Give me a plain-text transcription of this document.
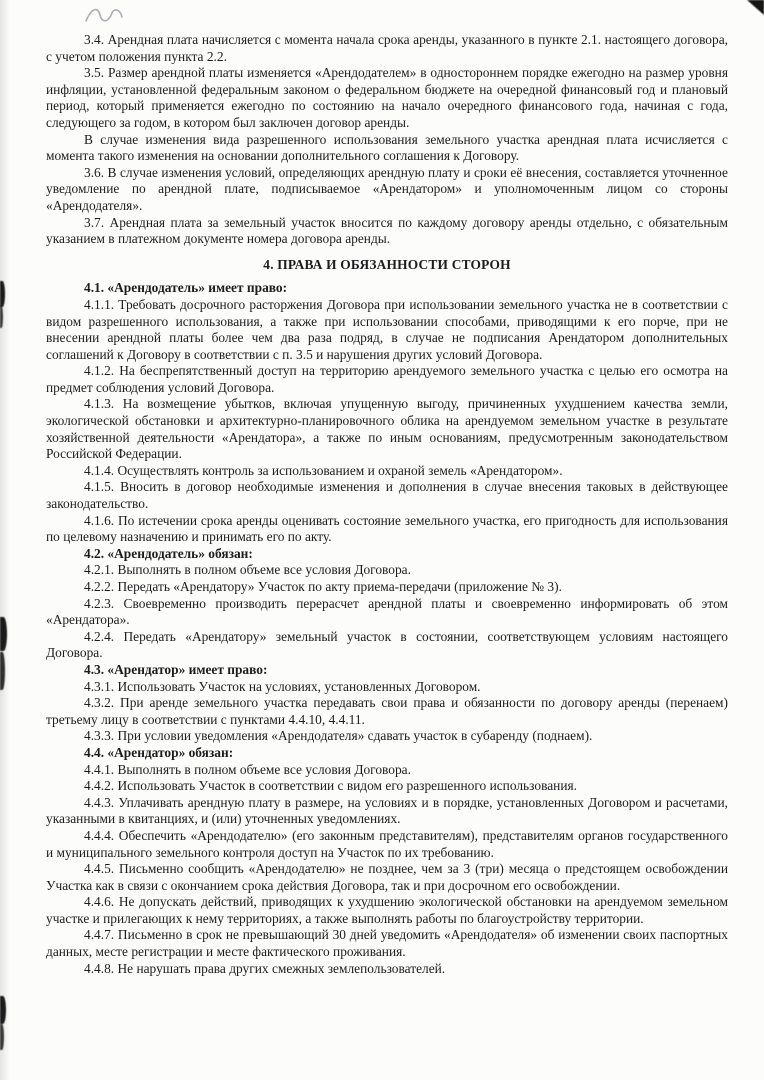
3.4. Арендная плата начисляется с момента начала срока аренды, указанного в пункте 2.1. настоящего договора, с учетом положения пункта 2.2.

3.5. Размер арендной платы изменяется «Арендодателем» в одностороннем порядке ежегодно на размер уровня инфляции, установленной федеральным законом о федеральном бюджете на очередной финансовый год и плановый период, который применяется ежегодно по состоянию на начало очередного финансового года, начиная с года, следующего за годом, в котором был заключен договор аренды.

В случае изменения вида разрешенного использования земельного участка арендная плата исчисляется с момента такого изменения на основании дополнительного соглашения к Договору.

3.6. В случае изменения условий, определяющих арендную плату и сроки её внесения, составляется уточненное уведомление по арендной плате, подписываемое «Арендатором» и уполномоченным лицом со стороны «Арендодателя».

3.7. Арендная плата за земельный участок вносится по каждому договору аренды отдельно, с обязательным указанием в платежном документе номера договора аренды.

4. ПРАВА И ОБЯЗАННОСТИ СТОРОН

4.1. «Арендодатель» имеет право:

4.1.1. Требовать досрочного расторжения Договора при использовании земельного участка не в соответствии с видом разрешенного использования, а также при использовании способами, приводящими к его порче, при не внесении арендной платы более чем два раза подряд, в случае не подписания Арендатором дополнительных соглашений к Договору в соответствии с п. 3.5 и нарушения других условий Договора.

4.1.2. На беспрепятственный доступ на территорию арендуемого земельного участка с целью его осмотра на предмет соблюдения условий Договора.

4.1.3. На возмещение убытков, включая упущенную выгоду, причиненных ухудшением качества земли, экологической обстановки и архитектурно-планировочного облика на арендуемом земельном участке в результате хозяйственной деятельности «Арендатора», а также по иным основаниям, предусмотренным законодательством Российской Федерации.

4.1.4. Осуществлять контроль за использованием и охраной земель «Арендатором».

4.1.5. Вносить в договор необходимые изменения и дополнения в случае внесения таковых в действующее законодательство.

4.1.6. По истечении срока аренды оценивать состояние земельного участка, его пригодность для использования по целевому назначению и принимать его по акту.

4.2. «Арендодатель» обязан:

4.2.1. Выполнять в полном объеме все условия Договора.

4.2.2. Передать «Арендатору» Участок по акту приема-передачи (приложение № 3).

4.2.3. Своевременно производить перерасчет арендной платы и своевременно информировать об этом «Арендатора».

4.2.4. Передать «Арендатору» земельный участок в состоянии, соответствующем условиям настоящего Договора.

4.3. «Арендатор» имеет право:

4.3.1. Использовать Участок на условиях, установленных Договором.

4.3.2. При аренде земельного участка передавать свои права и обязанности по договору аренды (перенаем) третьему лицу в соответствии с пунктами 4.4.10, 4.4.11.

4.3.3. При условии уведомления «Арендодателя» сдавать участок в субаренду (поднаем).

4.4. «Арендатор» обязан:

4.4.1. Выполнять в полном объеме все условия Договора.

4.4.2. Использовать Участок в соответствии с видом его разрешенного использования.

4.4.3. Уплачивать арендную плату в размере, на условиях и в порядке, установленных Договором и расчетами, указанными в квитанциях, и (или) уточненных уведомлениях.

4.4.4. Обеспечить «Арендодателю» (его законным представителям), представителям органов государственного и муниципального земельного контроля доступ на Участок по их требованию.

4.4.5. Письменно сообщить «Арендодателю» не позднее, чем за 3 (три) месяца о предстоящем освобождении Участка как в связи с окончанием срока действия Договора, так и при досрочном его освобождении.

4.4.6. Не допускать действий, приводящих к ухудшению экологической обстановки на арендуемом земельном участке и прилегающих к нему территориях, а также выполнять работы по благоустройству территории.

4.4.7. Письменно в срок не превышающий 30 дней уведомить «Арендодателя» об изменении своих паспортных данных, месте регистрации и месте фактического проживания.

4.4.8. Не нарушать права других смежных землепользователей.
